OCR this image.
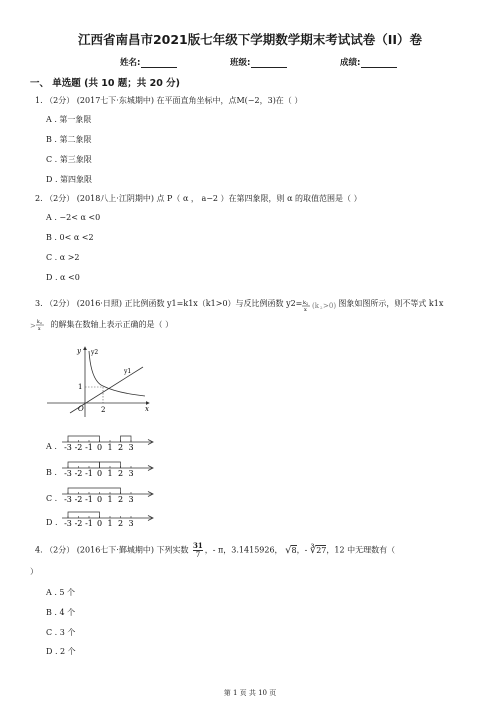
江西省南昌市2021版七年级下学期数学期末考试试卷（II）卷
姓名:	班级:	成绩:
一、 单选题 (共 10 题；共 20 分)
1. （2分） (2017七下·东城期中) 在平面直角坐标中，点M(−2，3)在（ ）
A . 第一象限
B . 第二象限
C . 第三象限
D . 第四象限
2. （2分） (2018八上·江阴期中) 点 P（ α ， a−2 ）在第四象限，则 α 的取值范围是（ ）
A . −2< α <0
B . 0< α <2
C . α >2
D . α <0
3. （2分） (2016·日照) 正比例函数 y1=k1x（k1>0）与反比例函数 y2= k 2
x (k 2 >0) 图象如图所示，则不等式 k1x
> k 2
x
的解集在数轴上表示正确的是（ ）
y y2
y1
1
2
O	x
A .
B .
C .
D .
-3 -2 -1 0 1 2 3
-3 -2 -1 0 1 2 3
-3 -2 -1 0 1 2 3
-3 -2 -1 0 1 2 3
4. （2分） (2016七下·鄞城期中) 下列实数 $\frac{31}{7}$ ，- π，3.1415926， √8，- ∛27，12 中无理数有（
）
A . 5 个
B . 4 个
C . 3 个
D . 2 个
第 1 页 共 10 页
